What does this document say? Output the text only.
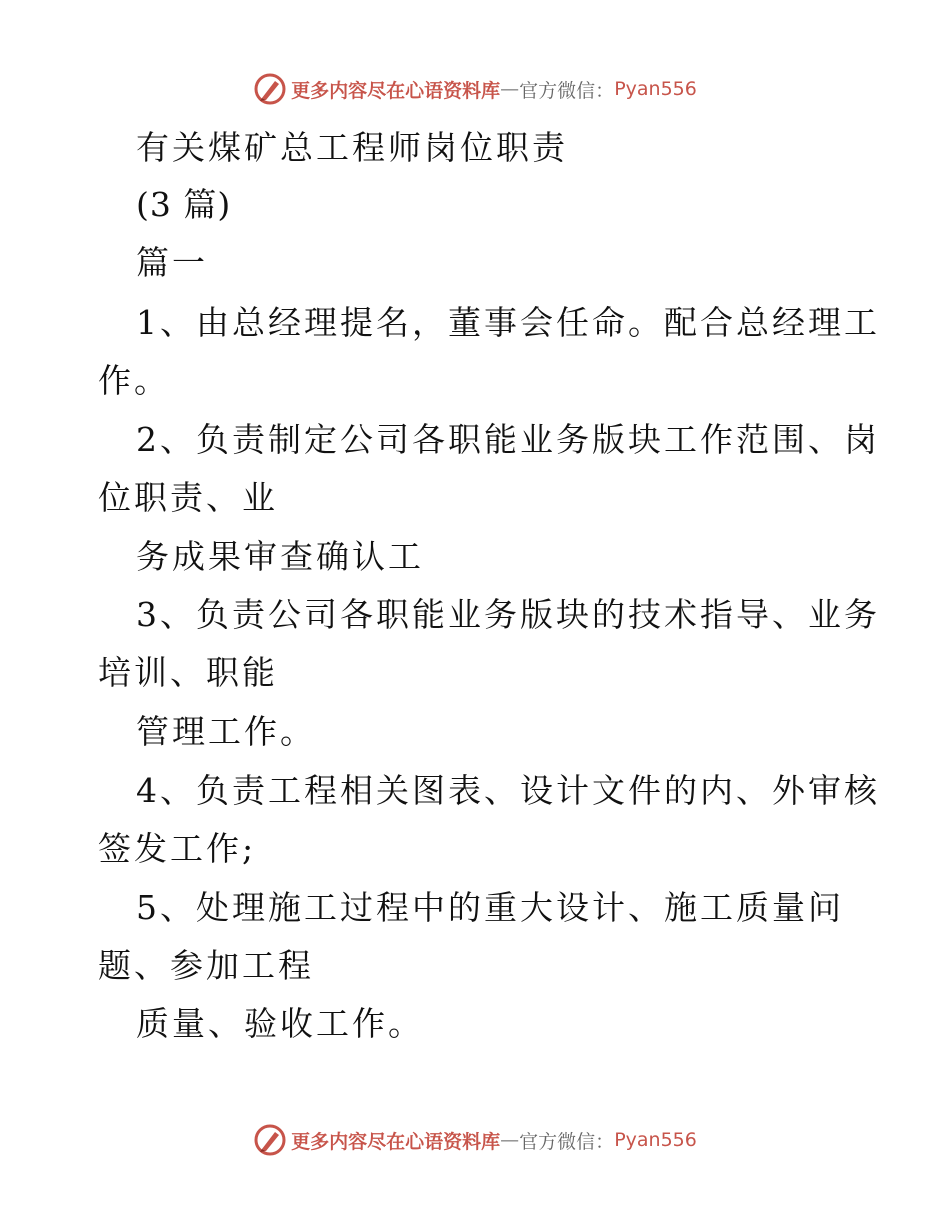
更多内容尽在心语资料库 — 官方微信： Pyan556
有关煤矿总工程师岗位职责
(3 篇)
篇一
1、由总经理提名，董事会任命。配合总经理工
作。
2、负责制定公司各职能业务版块工作范围、岗
位职责、业
务成果审查确认工
3、负责公司各职能业务版块的技术指导、业务
培训、职能
管理工作。
4、负责工程相关图表、设计文件的内、外审核
签发工作;
5、处理施工过程中的重大设计、施工质量问
题、参加工程
质量、验收工作。
更多内容尽在心语资料库 — 官方微信： Pyan556
